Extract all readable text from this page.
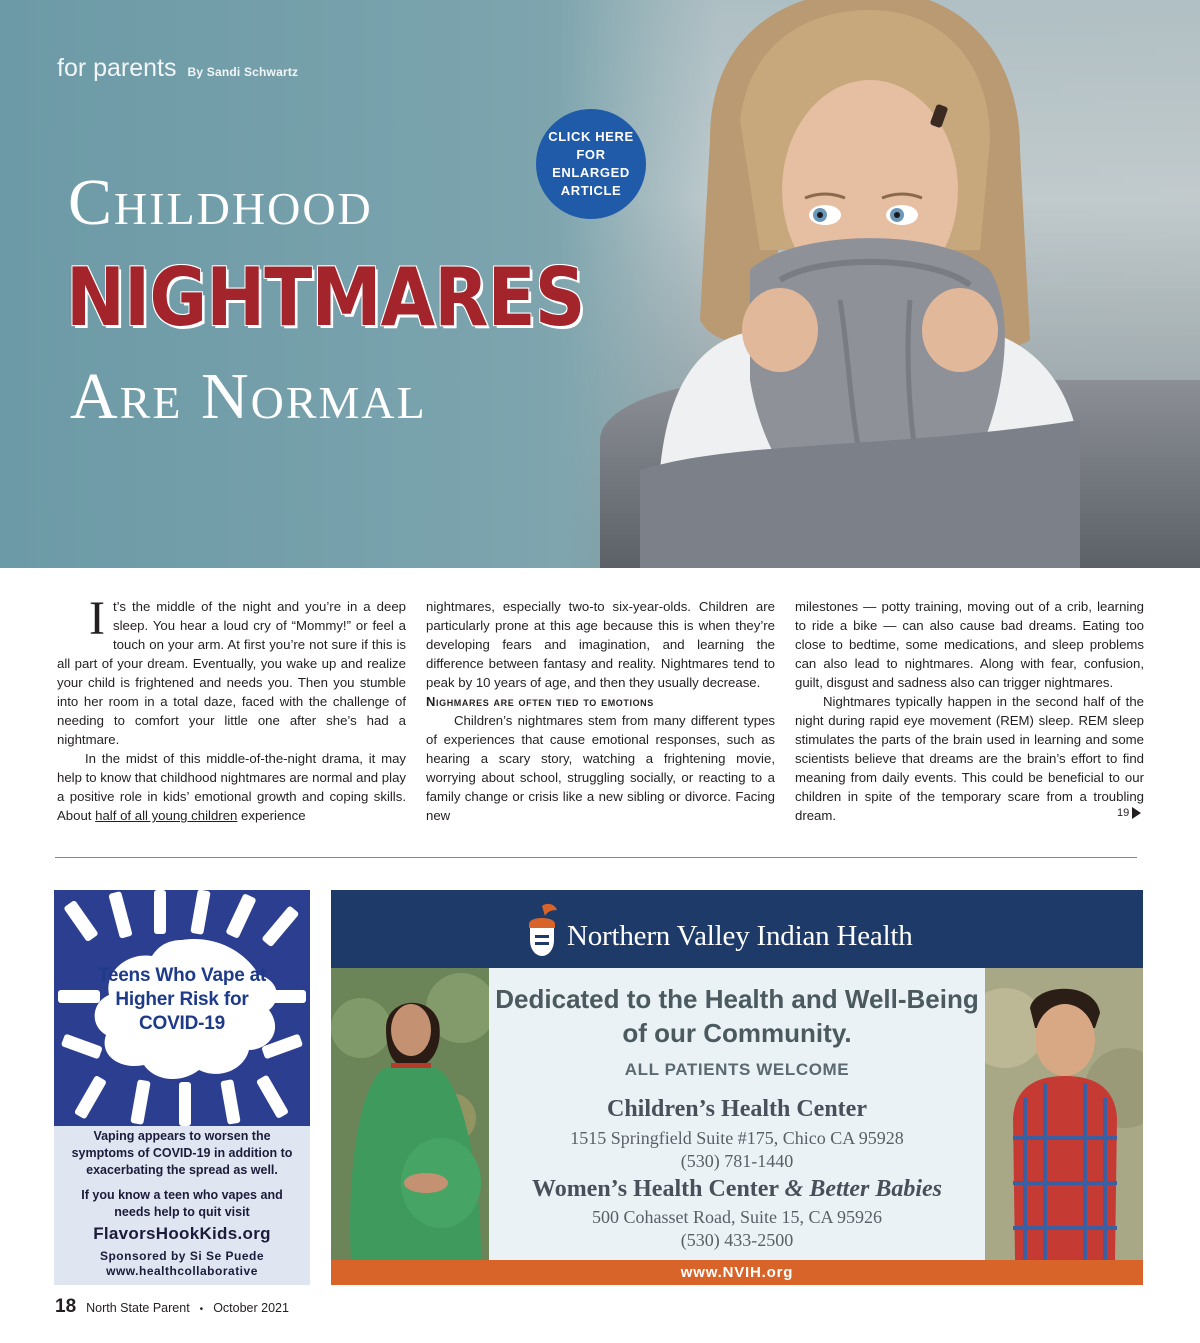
for parents By Sandi Schwartz
CLICK HERE FOR ENLARGED ARTICLE
Childhood
NIGHTMARES
Are Normal

It’s the middle of the night and you’re in a deep sleep. You hear a loud cry of “Mommy!” or feel a touch on your arm. At first you’re not sure if this is all part of your dream. Eventually, you wake up and realize your child is frightened and needs you. Then you stumble into her room in a total daze, faced with the challenge of needing to comfort your little one after she’s had a nightmare.

In the midst of this middle-of-the-night drama, it may help to know that childhood nightmares are normal and play a positive role in kids’ emotional growth and coping skills. About half of all young children experience

nightmares, especially two-to six-year-olds. Children are particularly prone at this age because this is when they’re developing fears and imagination, and learning the difference between fantasy and reality. Nightmares tend to peak by 10 years of age, and then they usually decrease.

Nighmares are often tied to emotions

Children’s nightmares stem from many different types of experiences that cause emotional responses, such as hearing a scary story, watching a frightening movie, worrying about school, struggling socially, or reacting to a family change or crisis like a new sibling or divorce. Facing new

milestones — potty training, moving out of a crib, learning to ride a bike — can also cause bad dreams. Eating too close to bedtime, some medications, and sleep problems can also lead to nightmares. Along with fear, confusion, guilt, disgust and sadness also can trigger nightmares.

Nightmares typically happen in the second half of the night during rapid eye movement (REM) sleep. REM sleep stimulates the parts of the brain used in learning and some scientists believe that dreams are the brain’s effort to find meaning from daily events. This could be beneficial to our children in spite of the temporary scare from a troubling dream.	19
Teens Who Vape at Higher Risk for COVID-19
Vaping appears to worsen the symptoms of COVID-19 in addition to exacerbating the spread as well.
If you know a teen who vapes and needs help to quit visit
FlavorsHookKids.org
Sponsored by Si Se Puede
www.healthcollaborative
Northern Valley Indian Health
Dedicated to the Health and Well-Being of our Community.
ALL PATIENTS WELCOME
Children’s Health Center
1515 Springfield Suite #175, Chico CA 95928
(530) 781-1440
Women’s Health Center & Better Babies
500 Cohasset Road, Suite 15, CA 95926
(530) 433-2500
www.NVIH.org
18 North State Parent • October 2021
